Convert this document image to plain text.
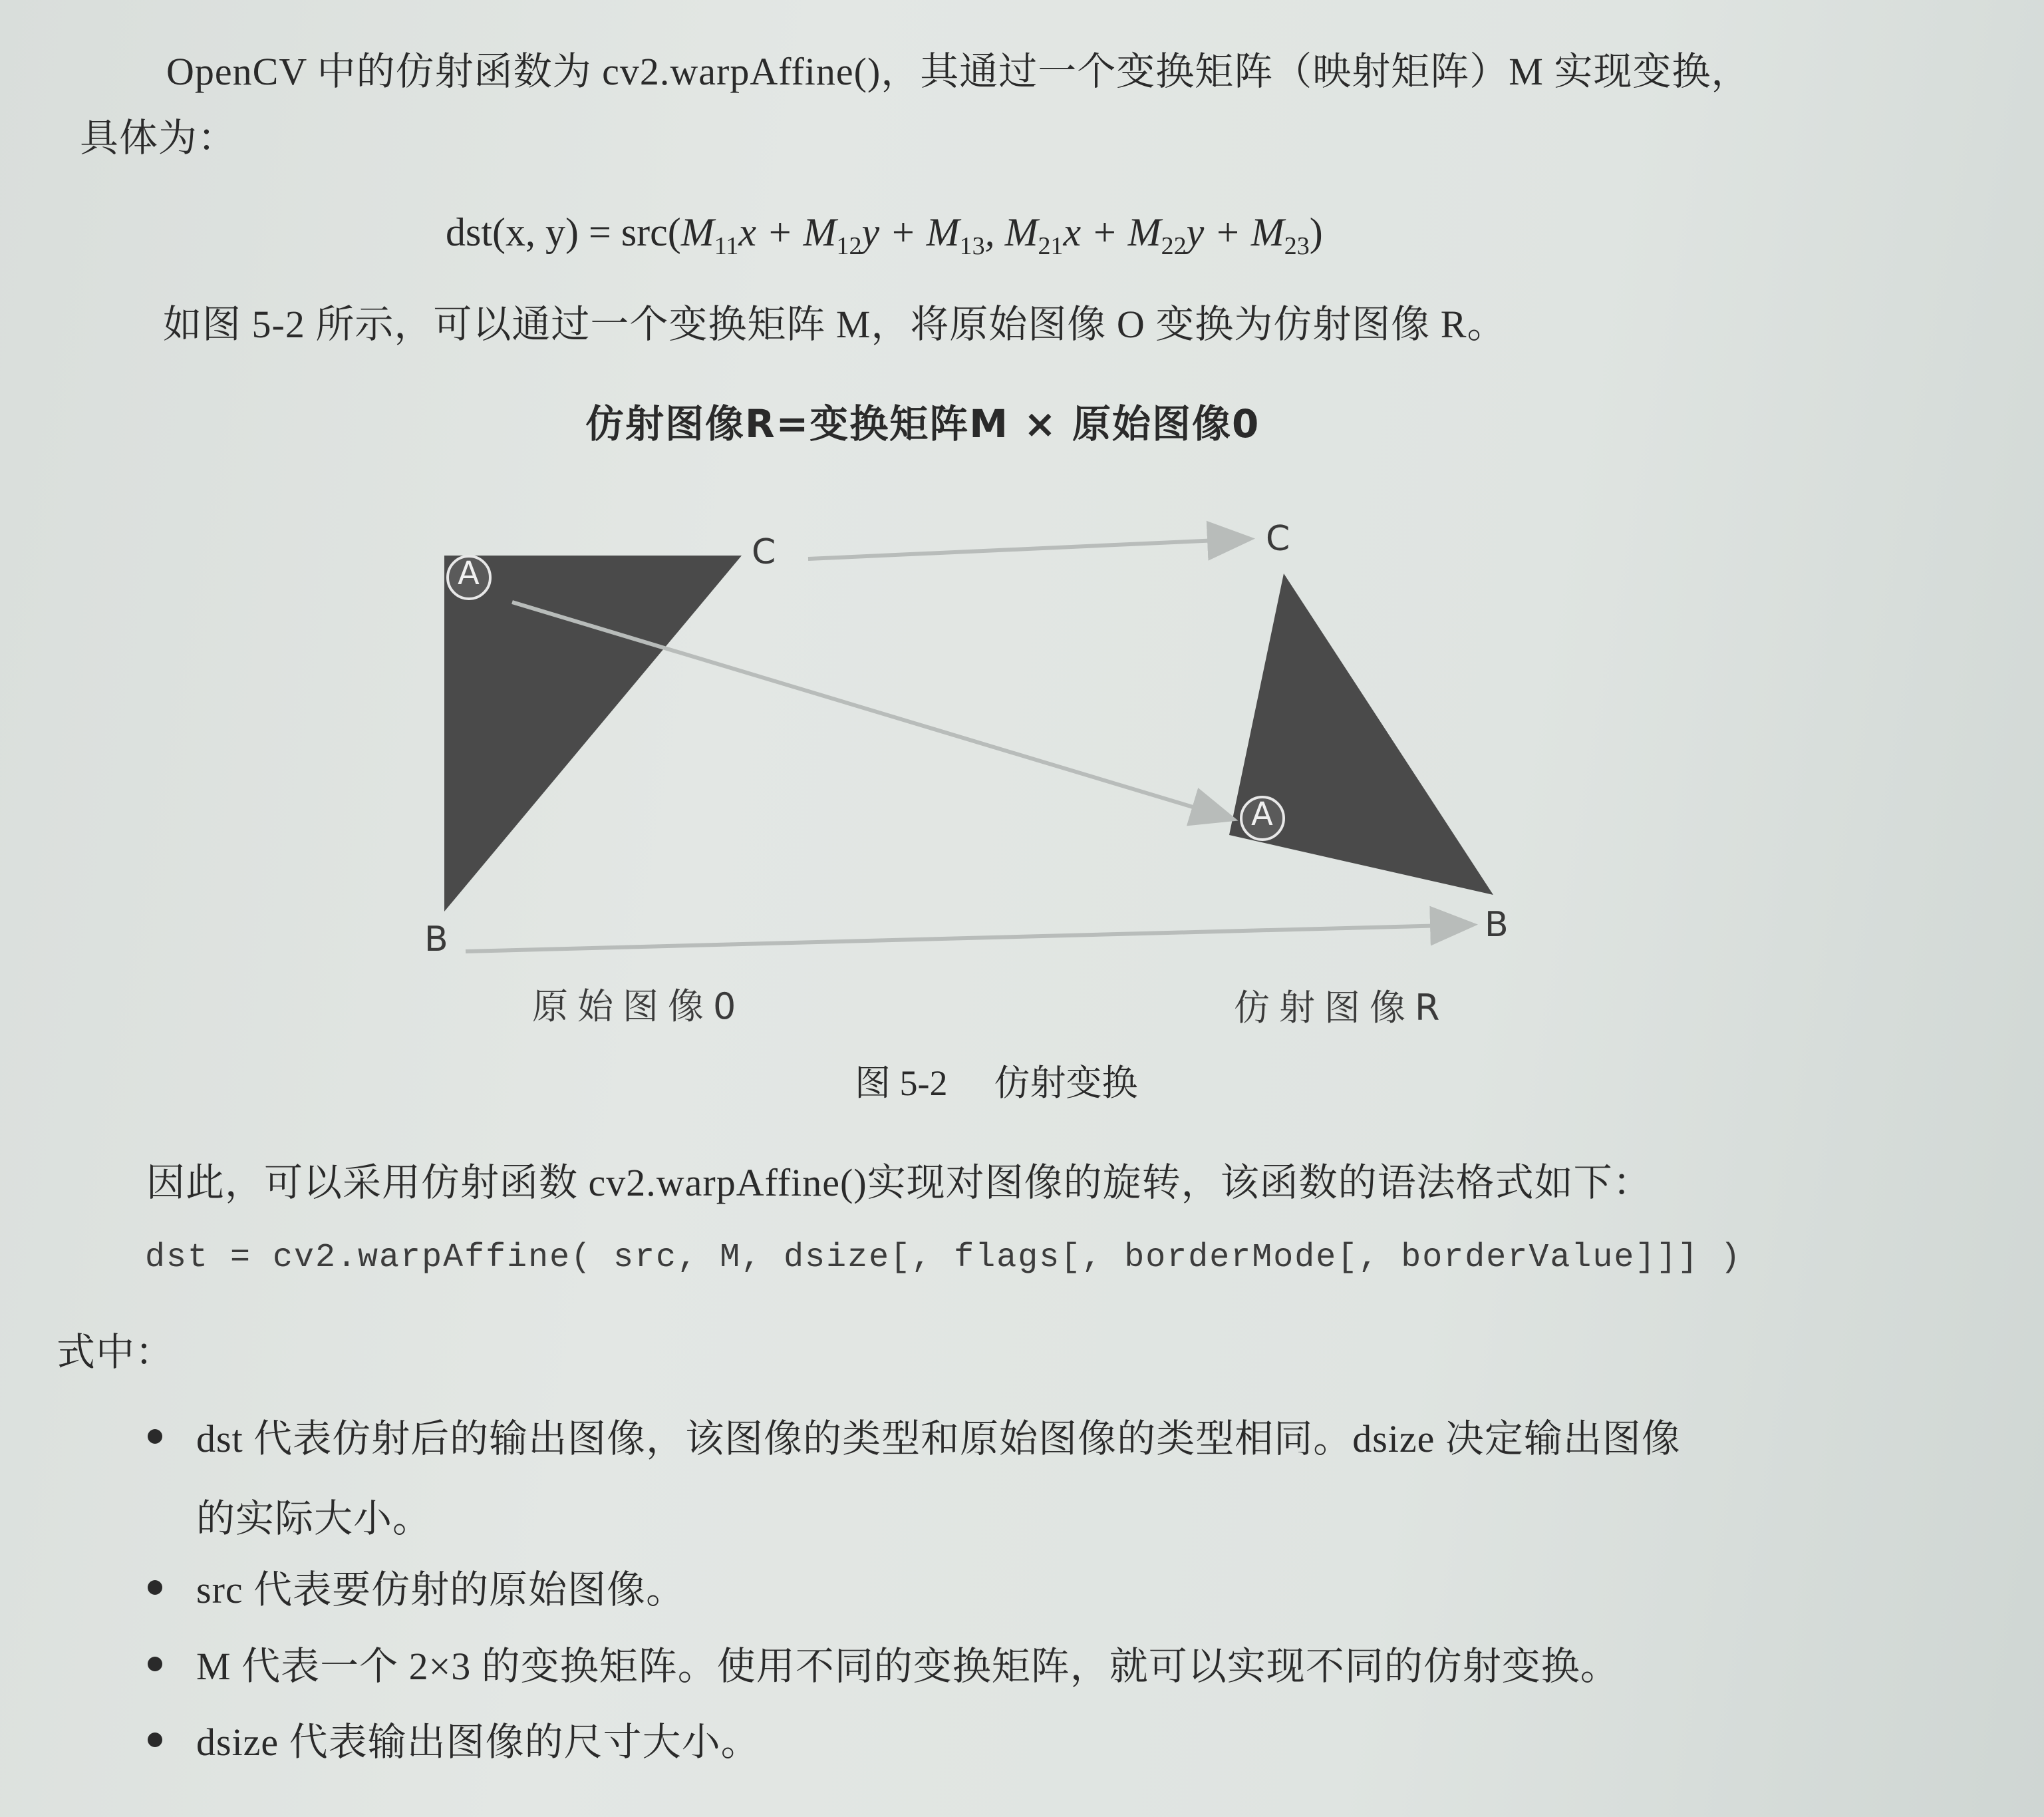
OpenCV 中的仿射函数为 cv2.warpAffine()，其通过一个变换矩阵（映射矩阵）M 实现变换，
具体为：
dst(x, $y) = src(M_{11}x + M_{12}y + M_{13}$, $M_{21}x + M_{22}y + M_{23}$)
如图 5-2 所示，可以通过一个变换矩阵 M，将原始图像 O 变换为仿射图像 R。
仿射图像R=变换矩阵M × 原始图像0
A
C
B
A
C
B
原始图像0	仿射图像R
图 5-2 仿射变换
因此，可以采用仿射函数 cv2.warpAffine()实现对图像的旋转，该函数的语法格式如下：
dst = cv2.warpAffine( src, M, dsize[, flags[, borderMode[, borderValue]]] )
式中：
dst 代表仿射后的输出图像，该图像的类型和原始图像的类型相同。dsize 决定输出图像
的实际大小。
src 代表要仿射的原始图像。
M 代表一个 2×3 的变换矩阵。使用不同的变换矩阵，就可以实现不同的仿射变换。
dsize 代表输出图像的尺寸大小。
